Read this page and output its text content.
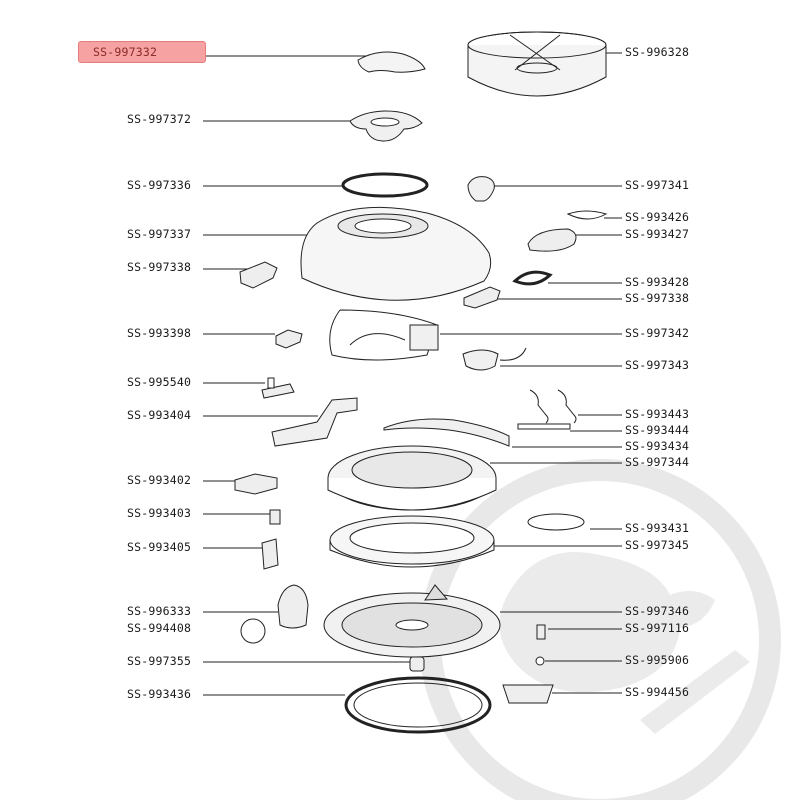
SS-997332
SS-997372
SS-997336
SS-997337
SS-997338
SS-993398
SS-995540
SS-993404
SS-993402
SS-993403
SS-993405
SS-996333
SS-994408
SS-997355
SS-993436
SS-996328
SS-997341
SS-993426
SS-993427
SS-993428
SS-997338
SS-997342
SS-997343
SS-993443
SS-993444
SS-993434
SS-997344
SS-993431
SS-997345
SS-997346
SS-997116
SS-995906
SS-994456
